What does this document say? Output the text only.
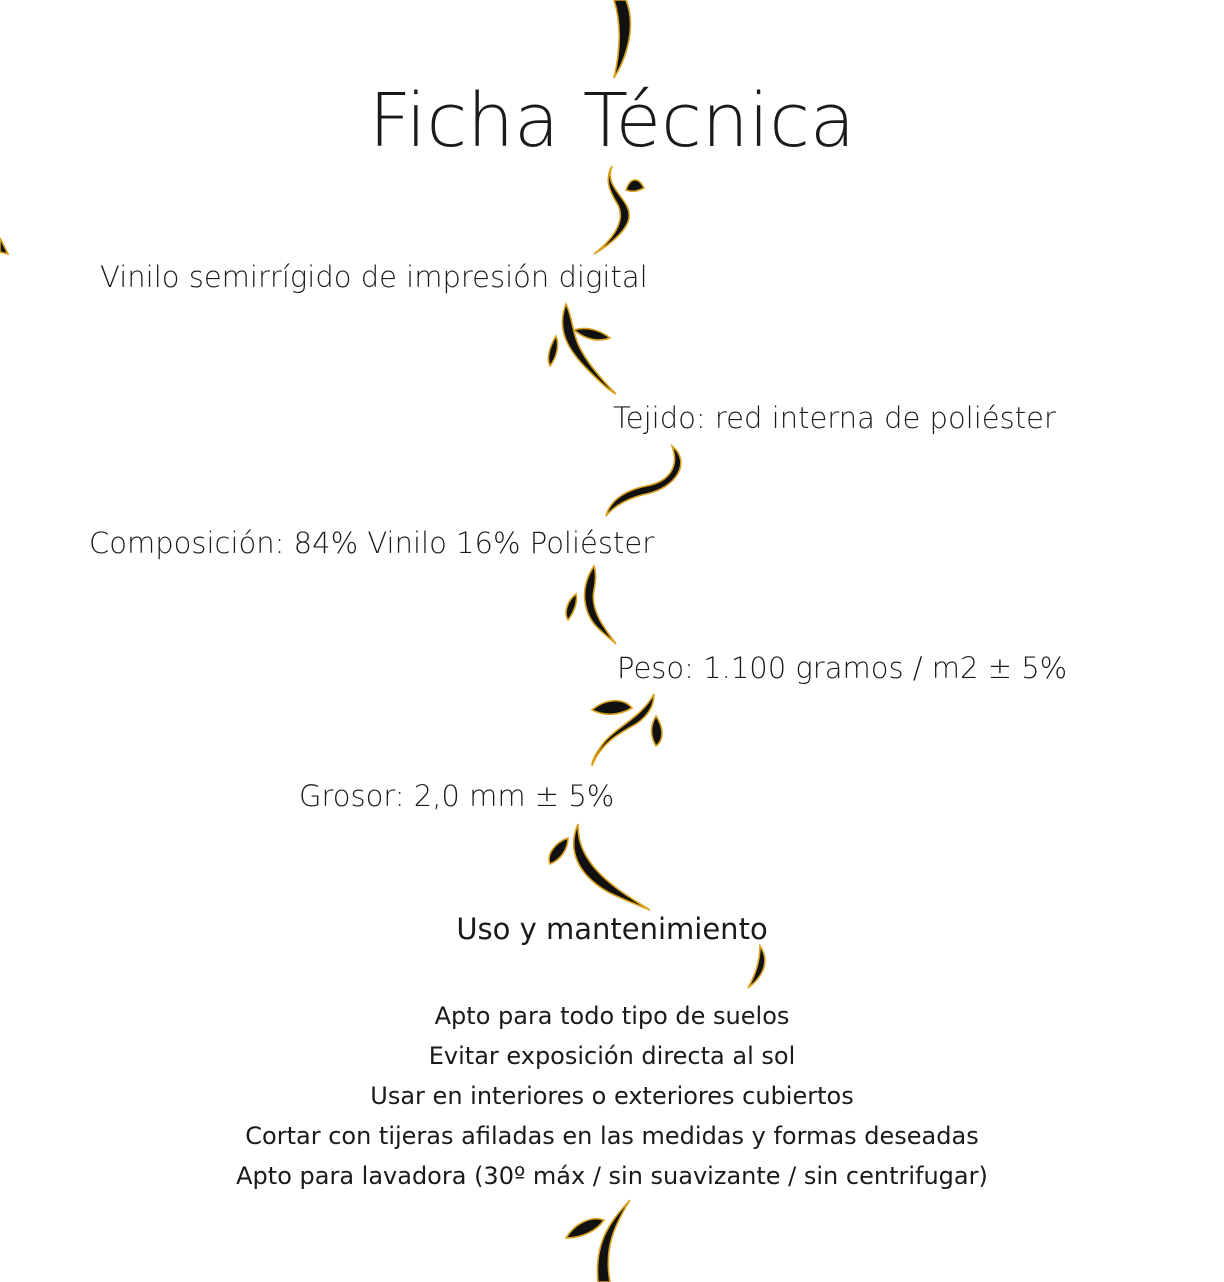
Ficha Técnica
Vinilo semirrígido de impresión digital
Tejido: red interna de poliéster
Composición: 84% Vinilo 16% Poliéster
Peso: 1.100 gramos / m2 ± 5%
Grosor: 2,0 mm ± 5%
Uso y mantenimiento
Apto para todo tipo de suelos
Evitar exposición directa al sol
Usar en interiores o exteriores cubiertos
Cortar con tijeras afiladas en las medidas y formas deseadas
Apto para lavadora (30º máx / sin suavizante / sin centrifugar)
